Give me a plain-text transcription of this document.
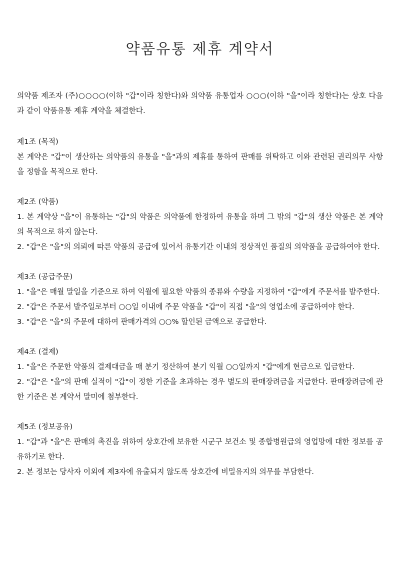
약품유통 제휴 계약서

의약품 제조자 (주)○○○○(이하 "갑"이라 칭한다)와 의약품 유통업자 ○○○(이하 "을"이라 칭한다)는 상호 다음과 같이 약품유통 제휴 계약을 체결한다.

제1조 (목적)

본 계약은 "갑"이 생산하는 의약품의 유통을 "을"과의 제휴를 통하여 판매를 위탁하고 이와 관련된 권리의무 사항을 정함을 목적으로 한다.

제2조 (약품)

1. 본 계약상 "을"이 유통하는 "갑"의 약품은 의약품에 한정하여 유통을 하며 그 밖의 "갑"의 생산 약품은 본 계약의 목적으로 하지 않는다.

2. "갑"은 "을"의 의뢰에 따른 약품의 공급에 있어서 유통기간 이내의 정상적인 품질의 의약품을 공급하여야 한다.

제3조 (공급주문)

1. "을"은 매월 말일을 기준으로 하여 익월에 필요한 약품의 종류와 수량을 지정하여 "갑"에게 주문서를 발주한다.

2. "갑"은 주문서 발주일로부터 ○○일 이내에 주문 약품을 "갑"이 직접 "을"의 영업소에 공급하여야 한다.

3. "갑"은 "을"의 주문에 대하여 판매가격의 ○○% 할인된 금액으로 공급한다.

제4조 (결제)

1. "을"은 주문한 약품의 결제대금을 매 분기 정산하여 분기 익월 ○○일까지 "갑"에게 현금으로 입금한다.

2. "갑"은 "을"의 판매 실적이 "갑"이 정한 기준을 초과하는 경우 별도의 판매장려금을 지급한다. 판매장려금에 관한 기준은 본 계약서 말미에 첨부한다.

제5조 (정보공유)

1. "갑"과 "을"은 판매의 촉진을 위하여 상호간에 보유한 시군구 보건소 및 종합병원급의 영업망에 대한 정보를 공유하기로 한다.

2. 본 정보는 당사자 이외에 제3자에 유출되지 않도록 상호간에 비밀유지의 의무를 부담한다.
